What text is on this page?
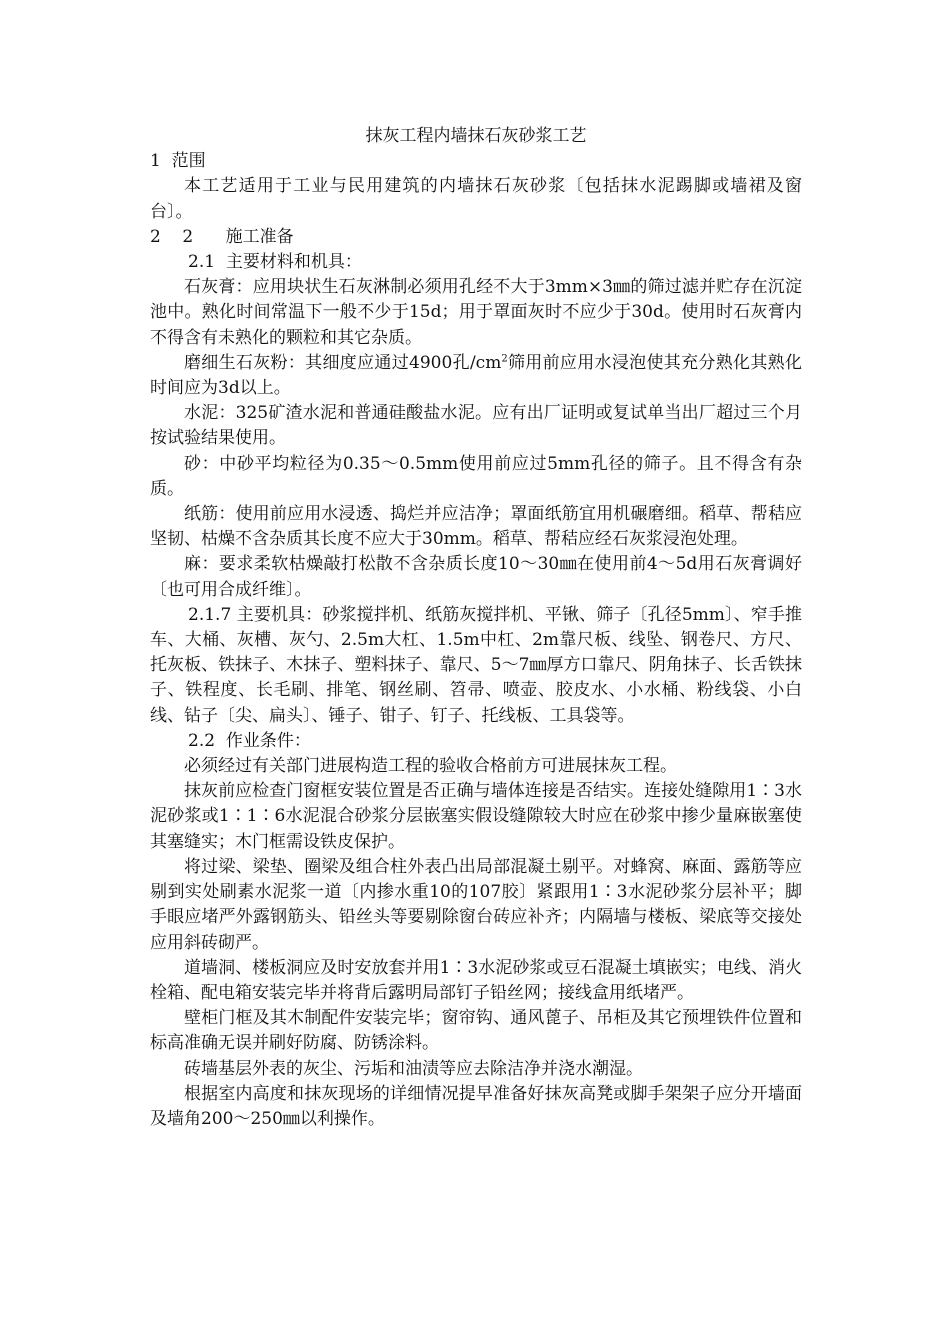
抹灰工程内墙抹石灰砂浆工艺

1  范围

本工艺适用于工业与民用建筑的内墙抹石灰砂浆〔包括抹水泥踢脚或墙裙及窗台〕。

2    2      施工准备

2.1  主要材料和机具：

石灰膏：应用块状生石灰淋制必须用孔经不大于3mm×3㎜的筛过滤并贮存在沉淀池中。熟化时间常温下一般不少于15d；用于罩面灰时不应少于30d。使用时石灰膏内不得含有未熟化的颗粒和其它杂质。

磨细生石灰粉：其细度应通过4900孔$/cm^2$筛用前应用水浸泡使其充分熟化其熟化时间应为3d以上。

水泥：325矿渣水泥和普通硅酸盐水泥。应有出厂证明或复试单当出厂超过三个月按试验结果使用。

砂：中砂平均粒径为0.35～0.5mm使用前应过5mm孔径的筛子。且不得含有杂质。

纸筋：使用前应用水浸透、捣烂并应洁净；罩面纸筋宜用机碾磨细。稻草、帮秸应坚韧、枯燥不含杂质其长度不应大于30mm。稻草、帮秸应经石灰浆浸泡处理。

麻：要求柔软枯燥敲打松散不含杂质长度10～30㎜在使用前4～5d用石灰膏调好〔也可用合成纤维〕。

2.1.7 主要机具：砂浆搅拌机、纸筋灰搅拌机、平锹、筛子〔孔径5mm〕、窄手推车、大桶、灰槽、灰勺、2.5m大杠、1.5m中杠、2m靠尺板、线坠、钢卷尺、方尺、托灰板、铁抹子、木抹子、塑料抹子、靠尺、5～7㎜厚方口靠尺、阴角抹子、长舌铁抹子、铁程度、长毛刷、排笔、钢丝刷、笤帚、喷壶、胶皮水、小水桶、粉线袋、小白线、钻子〔尖、扁头〕、锤子、钳子、钉子、托线板、工具袋等。

2.2  作业条件：

必须经过有关部门进展构造工程的验收合格前方可进展抹灰工程。

抹灰前应检查门窗框安装位置是否正确与墙体连接是否结实。连接处缝隙用1∶3水泥砂浆或1∶1∶6水泥混合砂浆分层嵌塞实假设缝隙较大时应在砂浆中掺少量麻嵌塞使其塞缝实；木门框需设铁皮保护。

将过梁、梁垫、圈梁及组合柱外表凸出局部混凝土剔平。对蜂窝、麻面、露筋等应剔到实处刷素水泥浆一道〔内掺水重10的107胶〕紧跟用1∶3水泥砂浆分层补平；脚手眼应堵严外露钢筋头、铅丝头等要剔除窗台砖应补齐；内隔墙与楼板、梁底等交接处应用斜砖砌严。

道墙洞、楼板洞应及时安放套并用1∶3水泥砂浆或豆石混凝土填嵌实；电线、消火栓箱、配电箱安装完毕并将背后露明局部钉子铅丝网；接线盒用纸堵严。

壁柜门框及其木制配件安装完毕；窗帘钩、通风蓖子、吊柜及其它预埋铁件位置和标高准确无误并刷好防腐、防锈涂料。

砖墙基层外表的灰尘、污垢和油渍等应去除洁净并浇水潮湿。

根据室内高度和抹灰现场的详细情况提早准备好抹灰高凳或脚手架架子应分开墙面及墙角200～250㎜以利操作。
